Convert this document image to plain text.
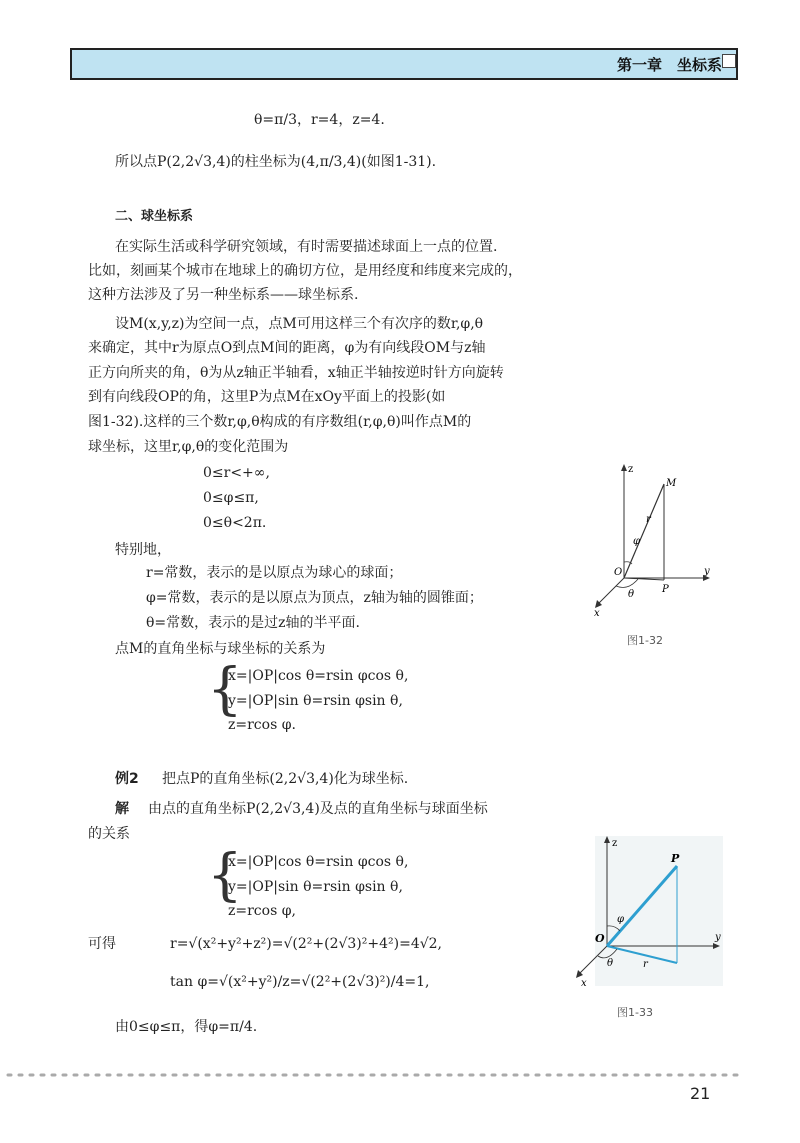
第一章　坐标系
θ=π/3，r=4，z=4.
所以点P(2,2√3,4)的柱坐标为(4,π/3,4)(如图1-31).
二、球坐标系
在实际生活或科学研究领域，有时需要描述球面上一点的位置.
比如，刻画某个城市在地球上的确切方位，是用经度和纬度来完成的，
这种方法涉及了另一种坐标系——球坐标系.
设M(x,y,z)为空间一点，点M可用这样三个有次序的数r,φ,θ
来确定，其中r为原点O到点M间的距离，φ为有向线段OM与z轴
正方向所夹的角，θ为从z轴正半轴看，x轴正半轴按逆时针方向旋转
到有向线段OP的角，这里P为点M在xOy平面上的投影(如
图1-32).这样的三个数r,φ,θ构成的有序数组(r,φ,θ)叫作点M的
球坐标，这里r,φ,θ的变化范围为
0≤r<+∞,
0≤φ≤π,
0≤θ<2π.
特别地，
r=常数，表示的是以原点为球心的球面；
φ=常数，表示的是以原点为顶点，z轴为轴的圆锥面；
θ=常数，表示的是过z轴的半平面.
点M的直角坐标与球坐标的关系为
{
x=|OP|cos θ=rsin φcos θ,
y=|OP|sin θ=rsin φsin θ,
z=rcos φ.
例2 把点P的直角坐标(2,2√3,4)化为球坐标.
解 由点的直角坐标P(2,2√3,4)及点的直角坐标与球面坐标
的关系
{
x=|OP|cos θ=rsin φcos θ,
y=|OP|sin θ=rsin φsin θ,
z=rcos φ,
可得	r=√(x²+y²+z²)=√(2²+(2√3)²+4²)=4√2,
tan φ=√(x²+y²)/z=√(2²+(2√3)²)/4=1,
由0≤φ≤π，得φ=π/4.
z
M
r
φ
O
P
y
θ
x
图1-32
z
P
φ
O
θ	r
y
x
图1-33
21
